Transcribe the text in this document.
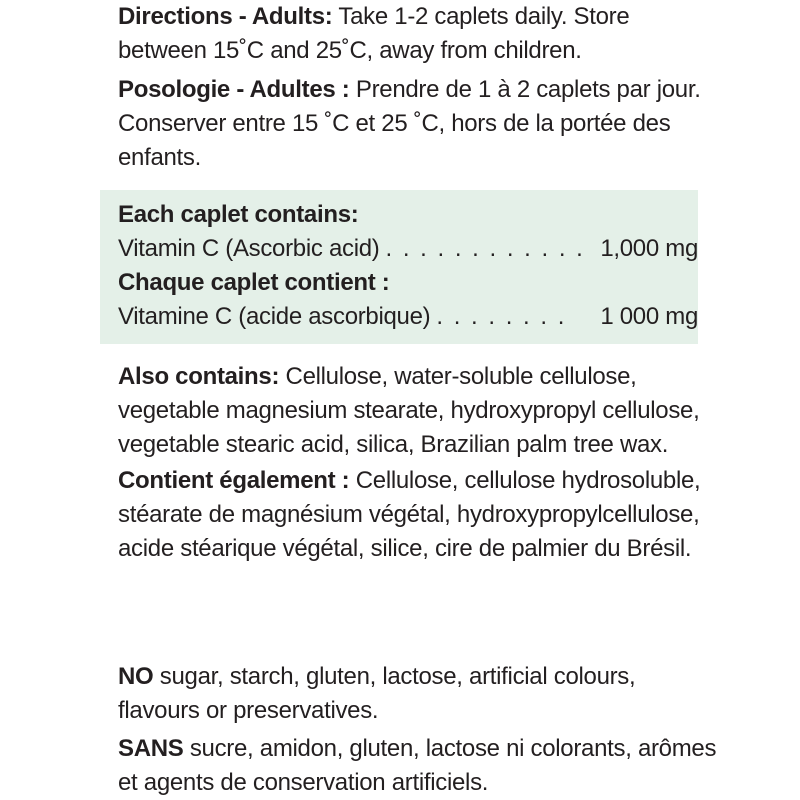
Directions - Adults: Take 1-2 caplets daily. Store between 15˚C and 25˚C, away from children.

Posologie - Adultes : Prendre de 1 à 2 caplets par jour. Conserver entre 15 ˚C et 25 ˚C, hors de la portée des enfants.

Each caplet contains:
Vitamin C (Ascorbic acid) . . . . . . . . . . . . 1,000 mg
Chaque caplet contient :
Vitamine C (acide ascorbique) . . . . . . . .	1 000 mg

Also contains: Cellulose, water-soluble cellulose, vegetable magnesium stearate, hydroxypropyl cellulose, vegetable stearic acid, silica, Brazilian palm tree wax.

Contient également : Cellulose, cellulose hydrosoluble, stéarate de magnésium végétal, hydroxypropylcellulose, acide stéarique végétal, silice, cire de palmier du Brésil.

NO sugar, starch, gluten, lactose, artificial colours, flavours or preservatives.

SANS sucre, amidon, gluten, lactose ni colorants, arômes et agents de conservation artificiels.
